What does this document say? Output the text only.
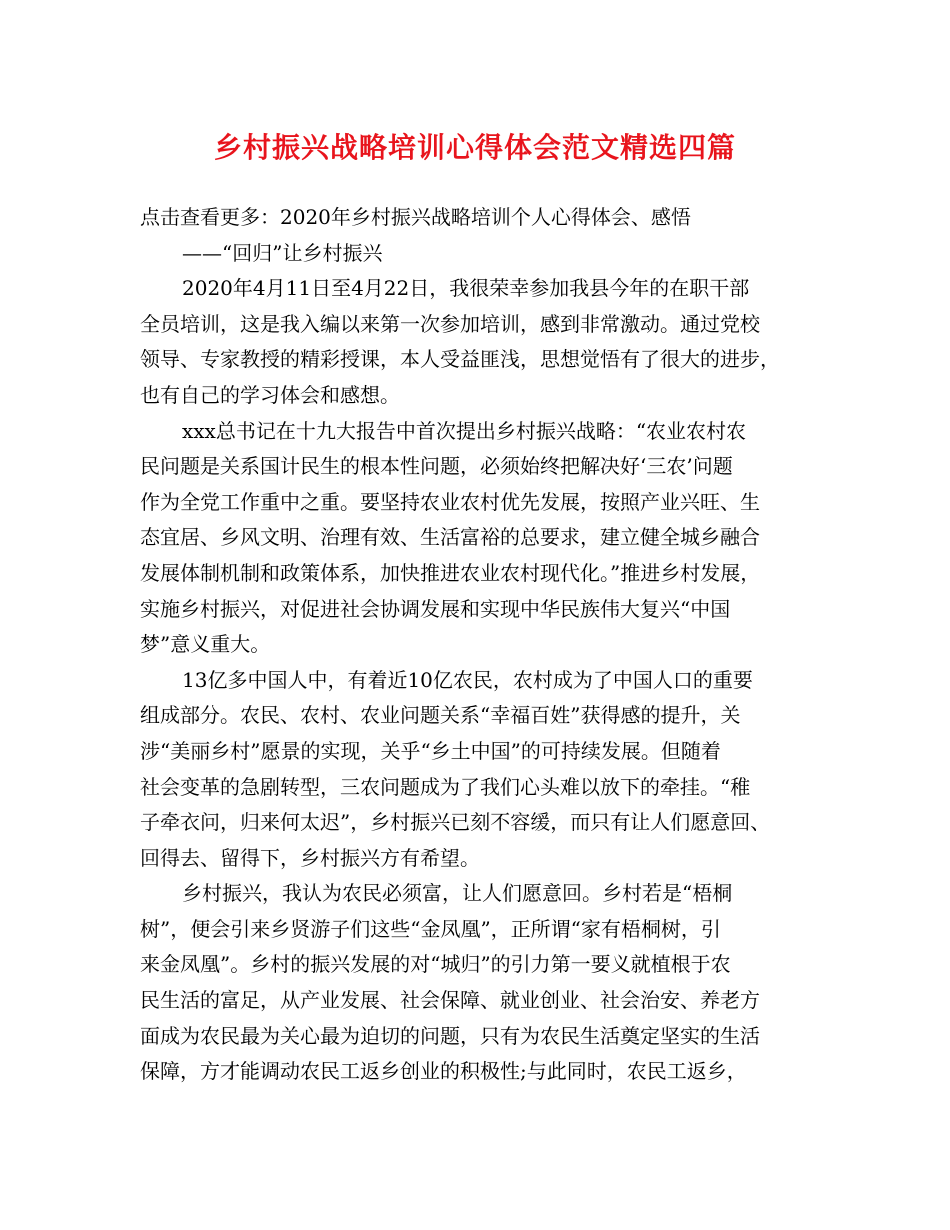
乡村振兴战略培训心得体会范文精选四篇
点击查看更多：2020年乡村振兴战略培训个人心得体会、感悟
——“回归”让乡村振兴
2020年4月11日至4月22日，我很荣幸参加我县今年的在职干部
全员培训，这是我入编以来第一次参加培训，感到非常激动。通过党校
领导、专家教授的精彩授课，本人受益匪浅，思想觉悟有了很大的进步，
也有自己的学习体会和感想。
xxx总书记在十九大报告中首次提出乡村振兴战略：“农业农村农
民问题是关系国计民生的根本性问题，必须始终把解决好‘三农’问题
作为全党工作重中之重。要坚持农业农村优先发展，按照产业兴旺、生
态宜居、乡风文明、治理有效、生活富裕的总要求，建立健全城乡融合
发展体制机制和政策体系，加快推进农业农村现代化。”推进乡村发展，
实施乡村振兴，对促进社会协调发展和实现中华民族伟大复兴“中国
梦”意义重大。
13亿多中国人中，有着近10亿农民，农村成为了中国人口的重要
组成部分。农民、农村、农业问题关系“幸福百姓”获得感的提升，关
涉“美丽乡村”愿景的实现，关乎“乡土中国”的可持续发展。但随着
社会变革的急剧转型，三农问题成为了我们心头难以放下的牵挂。“稚
子牵衣问，归来何太迟”，乡村振兴已刻不容缓，而只有让人们愿意回、
回得去、留得下，乡村振兴方有希望。
乡村振兴，我认为农民必须富，让人们愿意回。乡村若是“梧桐
树”，便会引来乡贤游子们这些“金凤凰”，正所谓“家有梧桐树，引
来金凤凰”。乡村的振兴发展的对“城归”的引力第一要义就植根于农
民生活的富足，从产业发展、社会保障、就业创业、社会治安、养老方
面成为农民最为关心最为迫切的问题，只有为农民生活奠定坚实的生活
保障，方才能调动农民工返乡创业的积极性;与此同时，农民工返乡，
